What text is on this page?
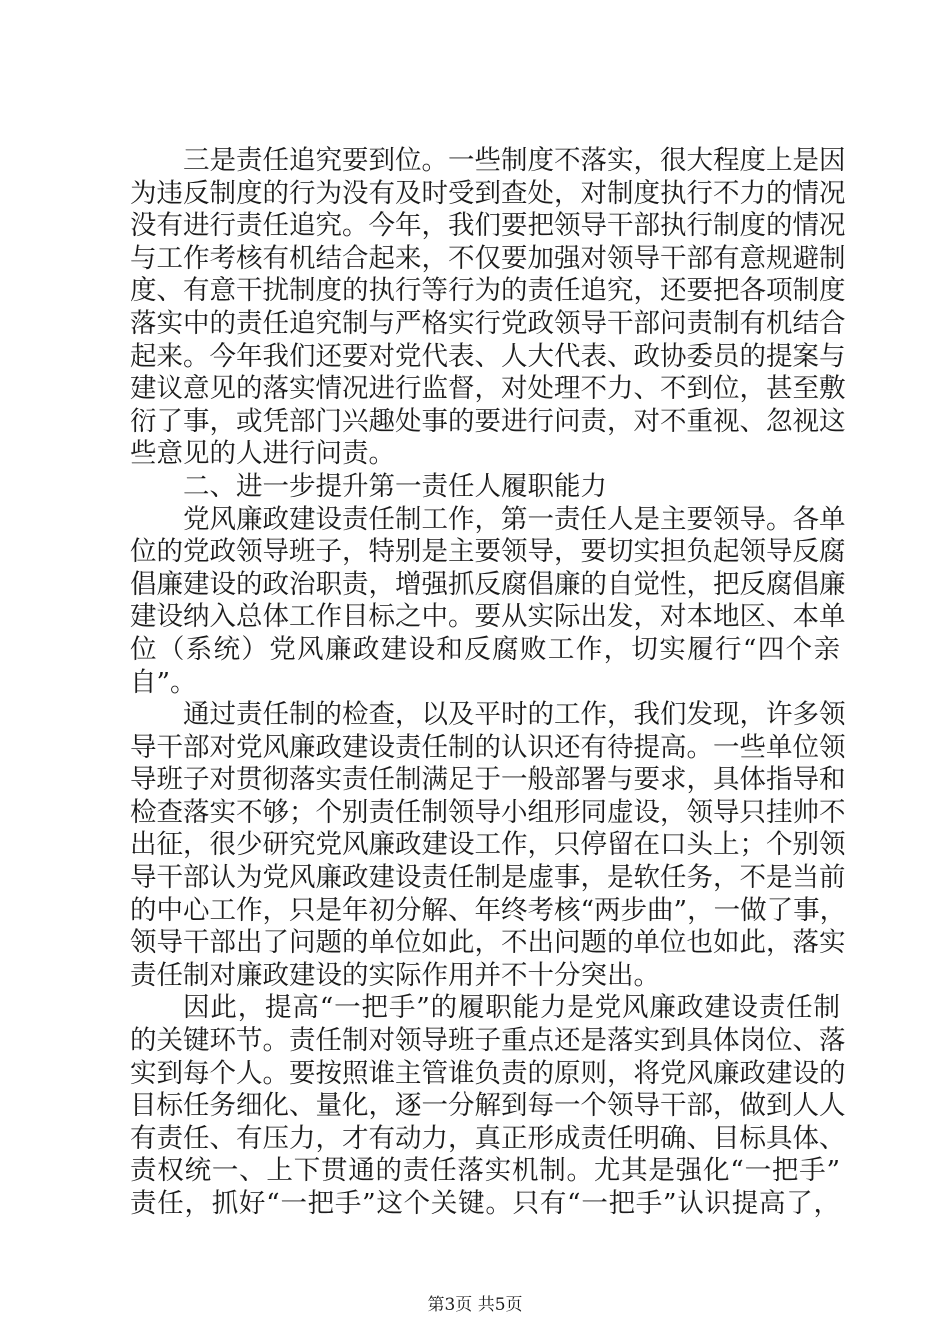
三是责任追究要到位。一些制度不落实，很大程度上是因
为违反制度的行为没有及时受到查处，对制度执行不力的情况
没有进行责任追究。今年，我们要把领导干部执行制度的情况
与工作考核有机结合起来，不仅要加强对领导干部有意规避制
度、有意干扰制度的执行等行为的责任追究，还要把各项制度
落实中的责任追究制与严格实行党政领导干部问责制有机结合
起来。今年我们还要对党代表、人大代表、政协委员的提案与
建议意见的落实情况进行监督，对处理不力、不到位，甚至敷
衍了事，或凭部门兴趣处事的要进行问责，对不重视、忽视这
些意见的人进行问责。
二、进一步提升第一责任人履职能力
党风廉政建设责任制工作，第一责任人是主要领导。各单
位的党政领导班子，特别是主要领导，要切实担负起领导反腐
倡廉建设的政治职责，增强抓反腐倡廉的自觉性，把反腐倡廉
建设纳入总体工作目标之中。要从实际出发，对本地区、本单
位（系统）党风廉政建设和反腐败工作，切实履行“四个亲
自”。
通过责任制的检查，以及平时的工作，我们发现，许多领
导干部对党风廉政建设责任制的认识还有待提高。一些单位领
导班子对贯彻落实责任制满足于一般部署与要求，具体指导和
检查落实不够；个别责任制领导小组形同虚设，领导只挂帅不
出征，很少研究党风廉政建设工作，只停留在口头上；个别领
导干部认为党风廉政建设责任制是虚事，是软任务，不是当前
的中心工作，只是年初分解、年终考核“两步曲”，一做了事，
领导干部出了问题的单位如此，不出问题的单位也如此，落实
责任制对廉政建设的实际作用并不十分突出。
因此，提高“一把手”的履职能力是党风廉政建设责任制
的关键环节。责任制对领导班子重点还是落实到具体岗位、落
实到每个人。要按照谁主管谁负责的原则，将党风廉政建设的
目标任务细化、量化，逐一分解到每一个领导干部，做到人人
有责任、有压力，才有动力，真正形成责任明确、目标具体、
责权统一、上下贯通的责任落实机制。尤其是强化“一把手”
责任，抓好“一把手”这个关键。只有“一把手”认识提高了，
第3页 共5页
